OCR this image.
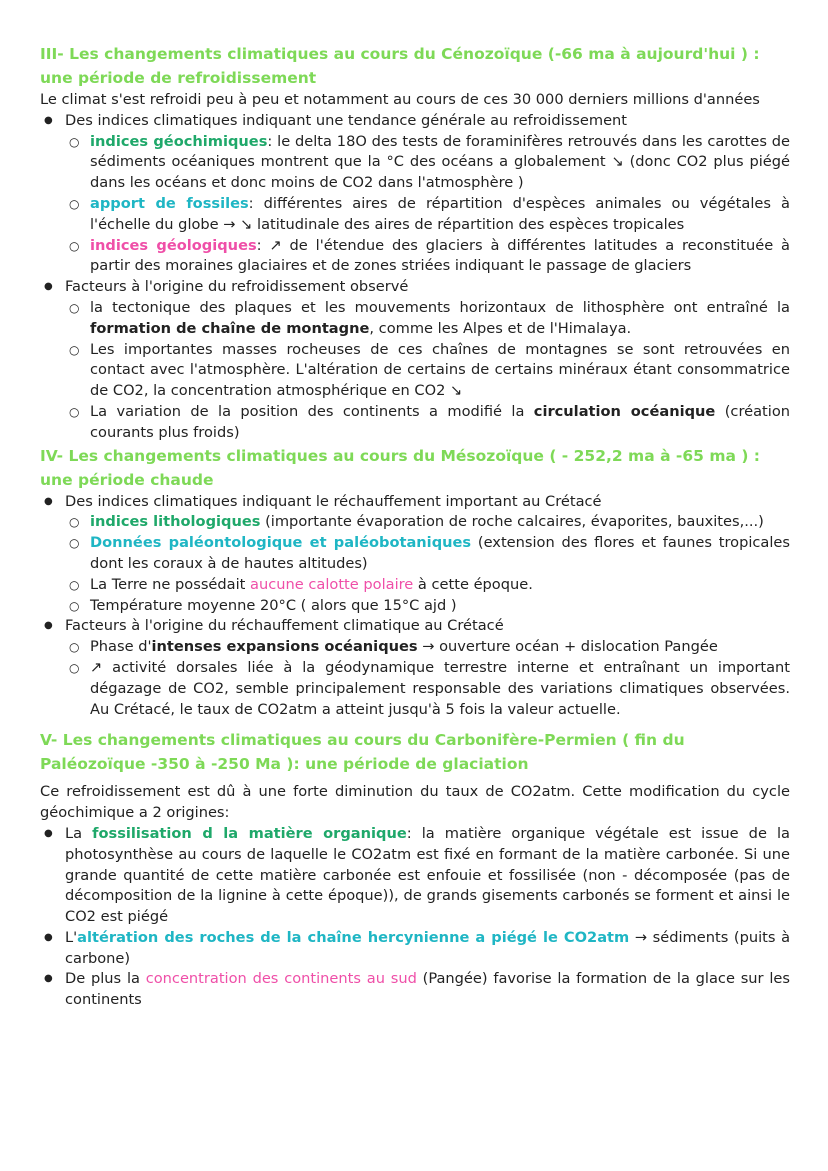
III- Les changements climatiques au cours du Cénozoïque (-66 ma à aujourd'hui ) : une période de refroidissement

Le climat s'est refroidi peu à peu et notamment au cours de ces 30 000 derniers millions d'années

● Des indices climatiques indiquant une tendance générale au refroidissement
○ indices géochimiques: le delta 18O des tests de foraminifères retrouvés dans les carottes de sédiments océaniques montrent que la °C des océans a globalement ↘ (donc CO2 plus piégé dans les océans et donc moins de CO2 dans l'atmosphère )
○ apport de fossiles: différentes aires de répartition d'espèces animales ou végétales à l'échelle du globe → ↘ latitudinale des aires de répartition des espèces tropicales
○ indices géologiques: ↗ de l'étendue des glaciers à différentes latitudes a reconstituée à partir des moraines glaciaires et de zones striées indiquant le passage de glaciers
● Facteurs à l'origine du refroidissement observé
○ la tectonique des plaques et les mouvements horizontaux de lithosphère ont entraîné la formation de chaîne de montagne, comme les Alpes et de l'Himalaya.
○ Les importantes masses rocheuses de ces chaînes de montagnes se sont retrouvées en contact avec l'atmosphère. L'altération de certains de certains minéraux étant consommatrice de CO2, la concentration atmosphérique en CO2 ↘
○ La variation de la position des continents a modifié la circulation océanique (création courants plus froids)
IV- Les changements climatiques au cours du Mésozoïque ( - 252,2 ma à -65 ma ) : une période chaude
● Des indices climatiques indiquant le réchauffement important au Crétacé
○ indices lithologiques (importante évaporation de roche calcaires, évaporites, bauxites,...)
○ Données paléontologique et paléobotaniques (extension des flores et faunes tropicales dont les coraux à de hautes altitudes)
○ La Terre ne possédait aucune calotte polaire à cette époque.
○ Température moyenne 20°C ( alors que 15°C ajd )
● Facteurs à l'origine du réchauffement climatique au Crétacé
○ Phase d'intenses expansions océaniques → ouverture océan + dislocation Pangée
○ ↗ activité dorsales liée à la géodynamique terrestre interne et entraînant un important dégazage de CO2, semble principalement responsable des variations climatiques observées. Au Crétacé, le taux de CO2atm a atteint jusqu'à 5 fois la valeur actuelle.
V- Les changements climatiques au cours du Carbonifère-Permien ( fin du Paléozoïque -350 à -250 Ma ): une période de glaciation

Ce refroidissement est dû à une forte diminution du taux de CO2atm. Cette modification du cycle géochimique a 2 origines:

● La fossilisation d la matière organique: la matière organique végétale est issue de la photosynthèse au cours de laquelle le CO2atm est fixé en formant de la matière carbonée. Si une grande quantité de cette matière carbonée est enfouie et fossilisée (non - décomposée (pas de décomposition de la lignine à cette époque)), de grands gisements carbonés se forment et ainsi le CO2 est piégé
● L'altération des roches de la chaîne hercynienne a piégé le CO2atm → sédiments (puits à carbone)
● De plus la concentration des continents au sud (Pangée) favorise la formation de la glace sur les continents
